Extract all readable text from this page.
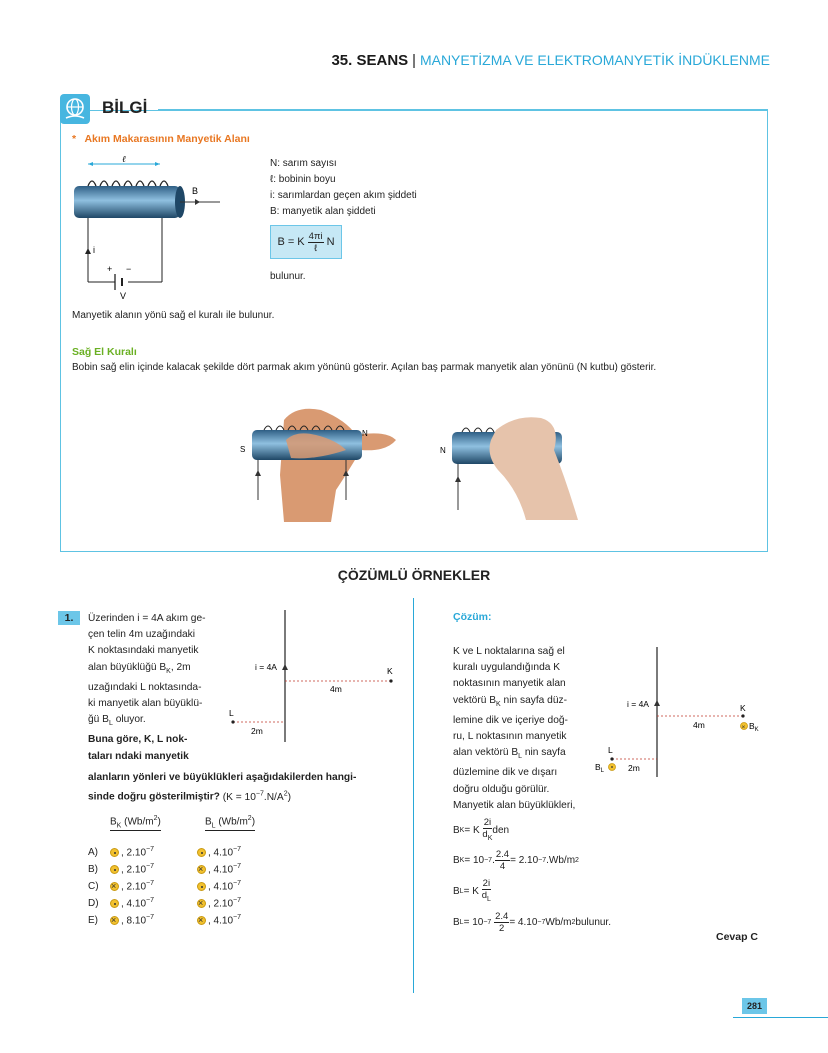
35. SEANS | MANYETİZMA VE ELEKTROMANYETİK İNDÜKLENME
BİLGİ
* Akım Makarasının Manyetik Alanı
ℓ
B
i
+ −
V
N: sarım sayısı
ℓ: bobinin boyu
i: sarımlardan geçen akım şiddeti
B: manyetik alan şiddeti
B = K $\frac{4\pi i}{\text{ℓ}}$ N
bulunur.
Manyetik alanın yönü sağ el kuralı ile bulunur.
Sağ El Kuralı
Bobin sağ elin içinde kalacak şekilde dört parmak akım yönünü gösterir. Açılan baş parmak manyetik alan yönünü (N kutbu) gösterir.
S
N
N
ÇÖZÜMLÜ ÖRNEKLER
1.	Üzerinden i = 4A akım ge-
çen telin 4m uzağındaki
K noktasındaki manyetik
alan büyüklüğü $B_K$, 2m
uzağındaki L noktasında-
ki manyetik alan büyüklü-
ğü $B_L$ oluyor.
Buna göre, K, L nok-
taları ndaki manyetik
alanların yönleri ve büyüklükleri aşağıdakilerden hangi-
sinde doğru gösterilmiştir? $(K = 10^{-7}.N/A^2)$
i = 4A	K
4m
L
2m
$B_K$ $(Wb/m^2)$	$B_L$ $(Wb/m^2)$
A) , $2.10^{-7}$	, $4.10^{-7}$
B) , $2.10^{-7}\times$	, $4.10^{-7}$
C)× , $2.10^{-7}$	, $4.10^{-7}$
D) , $4.10^{-7}\times$	, $2.10^{-7}$
E)× , $8.10^{-7}\times$	, $4.10^{-7}$
Çözüm:
K ve L noktalarına sağ el
kuralı uygulandığında K
noktasının manyetik alan
vektörü $B_K$ nin sayfa düz-
lemine dik ve içeriye doğ-
ru, L noktasının manyetik
alan vektörü $B_L$ nin sayfa
düzlemine dik ve dışarı
doğru olduğu görülür.
Manyetik alan büyüklükleri,
i = 4A	K
4m	× $B_K$
L
$B_L$	2m
B K = K
$\frac{2i}{d_K}$ den
B K = 10 −7 . $\frac{2.4}{4} = 2.10 -7$ .Wb/m 2
B L = K
$\frac{2i}{d_L}$
B L = 10 −7
$\frac{2.4}{2} = 4.10 -7$ Wb/m 2 bulunur.
Cevap C
281
